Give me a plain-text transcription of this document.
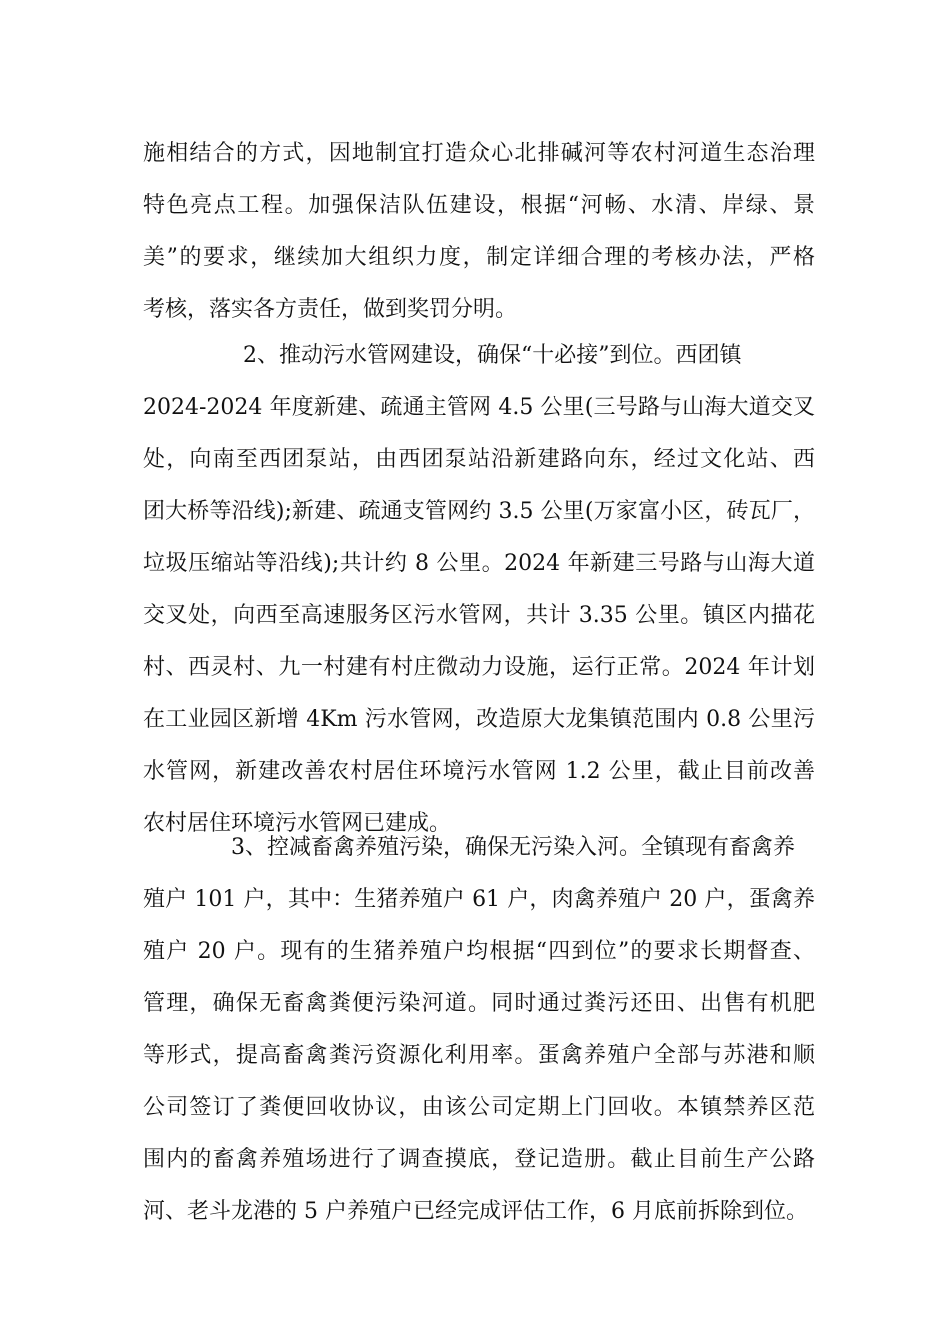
施相结合的方式，因地制宜打造众心北排碱河等农村河道生态治理
特色亮点工程。加强保洁队伍建设，根据“河畅、水清、岸绿、景
美”的要求，继续加大组织力度，制定详细合理的考核办法，严格
考核，落实各方责任，做到奖罚分明。
2、推动污水管网建设，确保“十必接”到位。西团镇
2024-2024 年度新建、疏通主管网 4.5 公里(三号路与山海大道交叉
处，向南至西团泵站，由西团泵站沿新建路向东，经过文化站、西
团大桥等沿线);新建、疏通支管网约 3.5 公里(万家富小区，砖瓦厂，
垃圾压缩站等沿线);共计约 8 公里。2024 年新建三号路与山海大道
交叉处，向西至高速服务区污水管网，共计 3.35 公里。镇区内描花
村、西灵村、九一村建有村庄微动力设施，运行正常。2024 年计划
在工业园区新增 4Km 污水管网，改造原大龙集镇范围内 0.8 公里污
水管网，新建改善农村居住环境污水管网 1.2 公里，截止目前改善
农村居住环境污水管网已建成。
3、控减畜禽养殖污染，确保无污染入河。全镇现有畜禽养
殖户 101 户，其中：生猪养殖户 61 户，肉禽养殖户 20 户，蛋禽养
殖户 20 户。现有的生猪养殖户均根据“四到位”的要求长期督查、
管理，确保无畜禽粪便污染河道。同时通过粪污还田、出售有机肥
等形式，提高畜禽粪污资源化利用率。蛋禽养殖户全部与苏港和顺
公司签订了粪便回收协议，由该公司定期上门回收。本镇禁养区范
围内的畜禽养殖场进行了调查摸底，登记造册。截止目前生产公路
河、老斗龙港的 5 户养殖户已经完成评估工作，6 月底前拆除到位。
